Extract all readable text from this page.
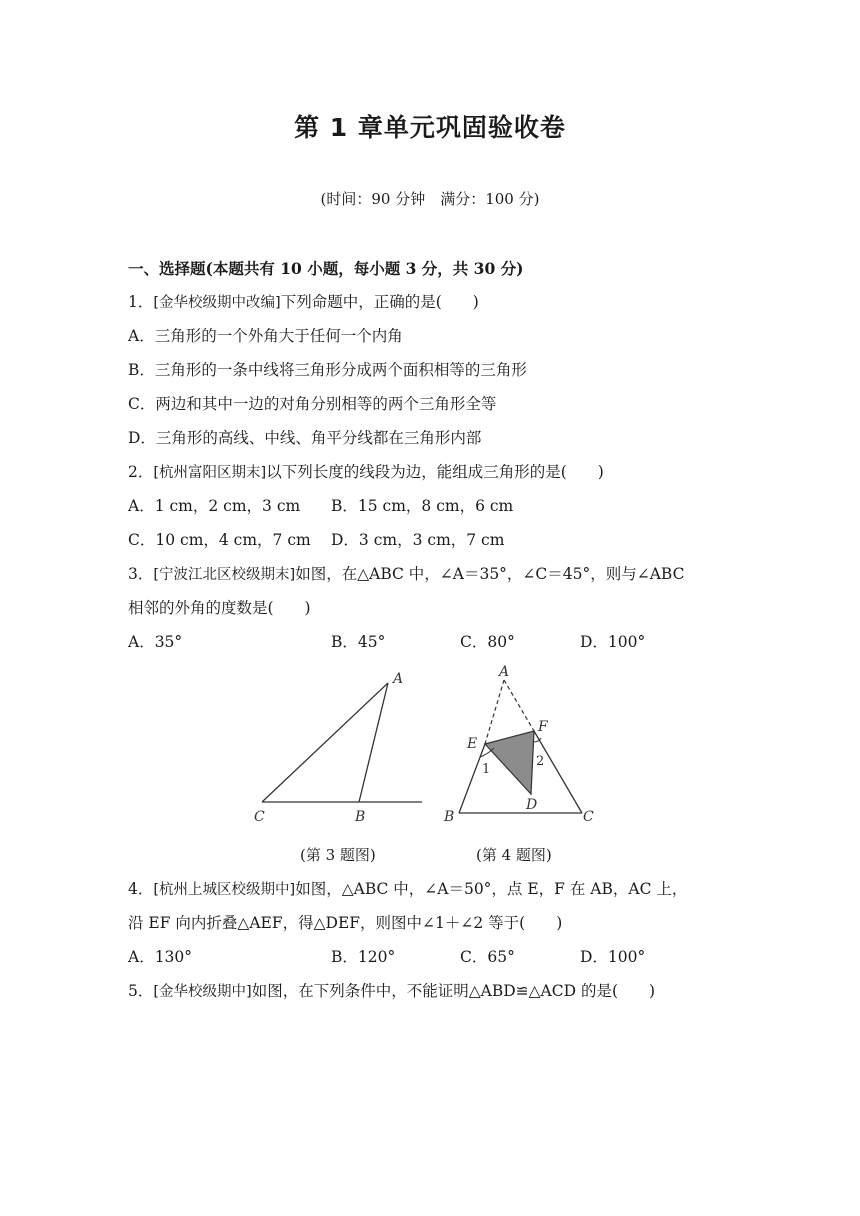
第 1 章单元巩固验收卷
(时间：90 分钟　满分：100 分)
一、选择题(本题共有 10 小题，每小题 3 分，共 30 分)
1．[金华校级期中改编]下列命题中，正确的是(　　)
A．三角形的一个外角大于任何一个内角
B．三角形的一条中线将三角形分成两个面积相等的三角形
C．两边和其中一边的对角分别相等的两个三角形全等
D．三角形的高线、中线、角平分线都在三角形内部
2．[杭州富阳区期末]以下列长度的线段为边，能组成三角形的是(　　)
A．1 cm，2 cm，3 cm B．15 cm，8 cm，6 cm
C．10 cm，4 cm，7 cm D．3 cm，3 cm，7 cm
3．[宁波江北区校级期末]如图，在△ABC 中，∠A＝35°，∠C＝45°，则与∠ABC
相邻的外角的度数是(　　)
A．35°	B．45°	C．80°	D．100°
A
B
C
A
E
F
D
B	C
1
2
(第 3 题图)	(第 4 题图)
4．[杭州上城区校级期中]如图，△ABC 中，∠A＝50°，点 E，F 在 AB，AC 上，
沿 EF 向内折叠△AEF，得△DEF，则图中∠1＋∠2 等于(　　)
A．130°	B．120°	C．65°	D．100°
5．[金华校级期中]如图，在下列条件中，不能证明△ABD≌△ACD 的是(　　)
